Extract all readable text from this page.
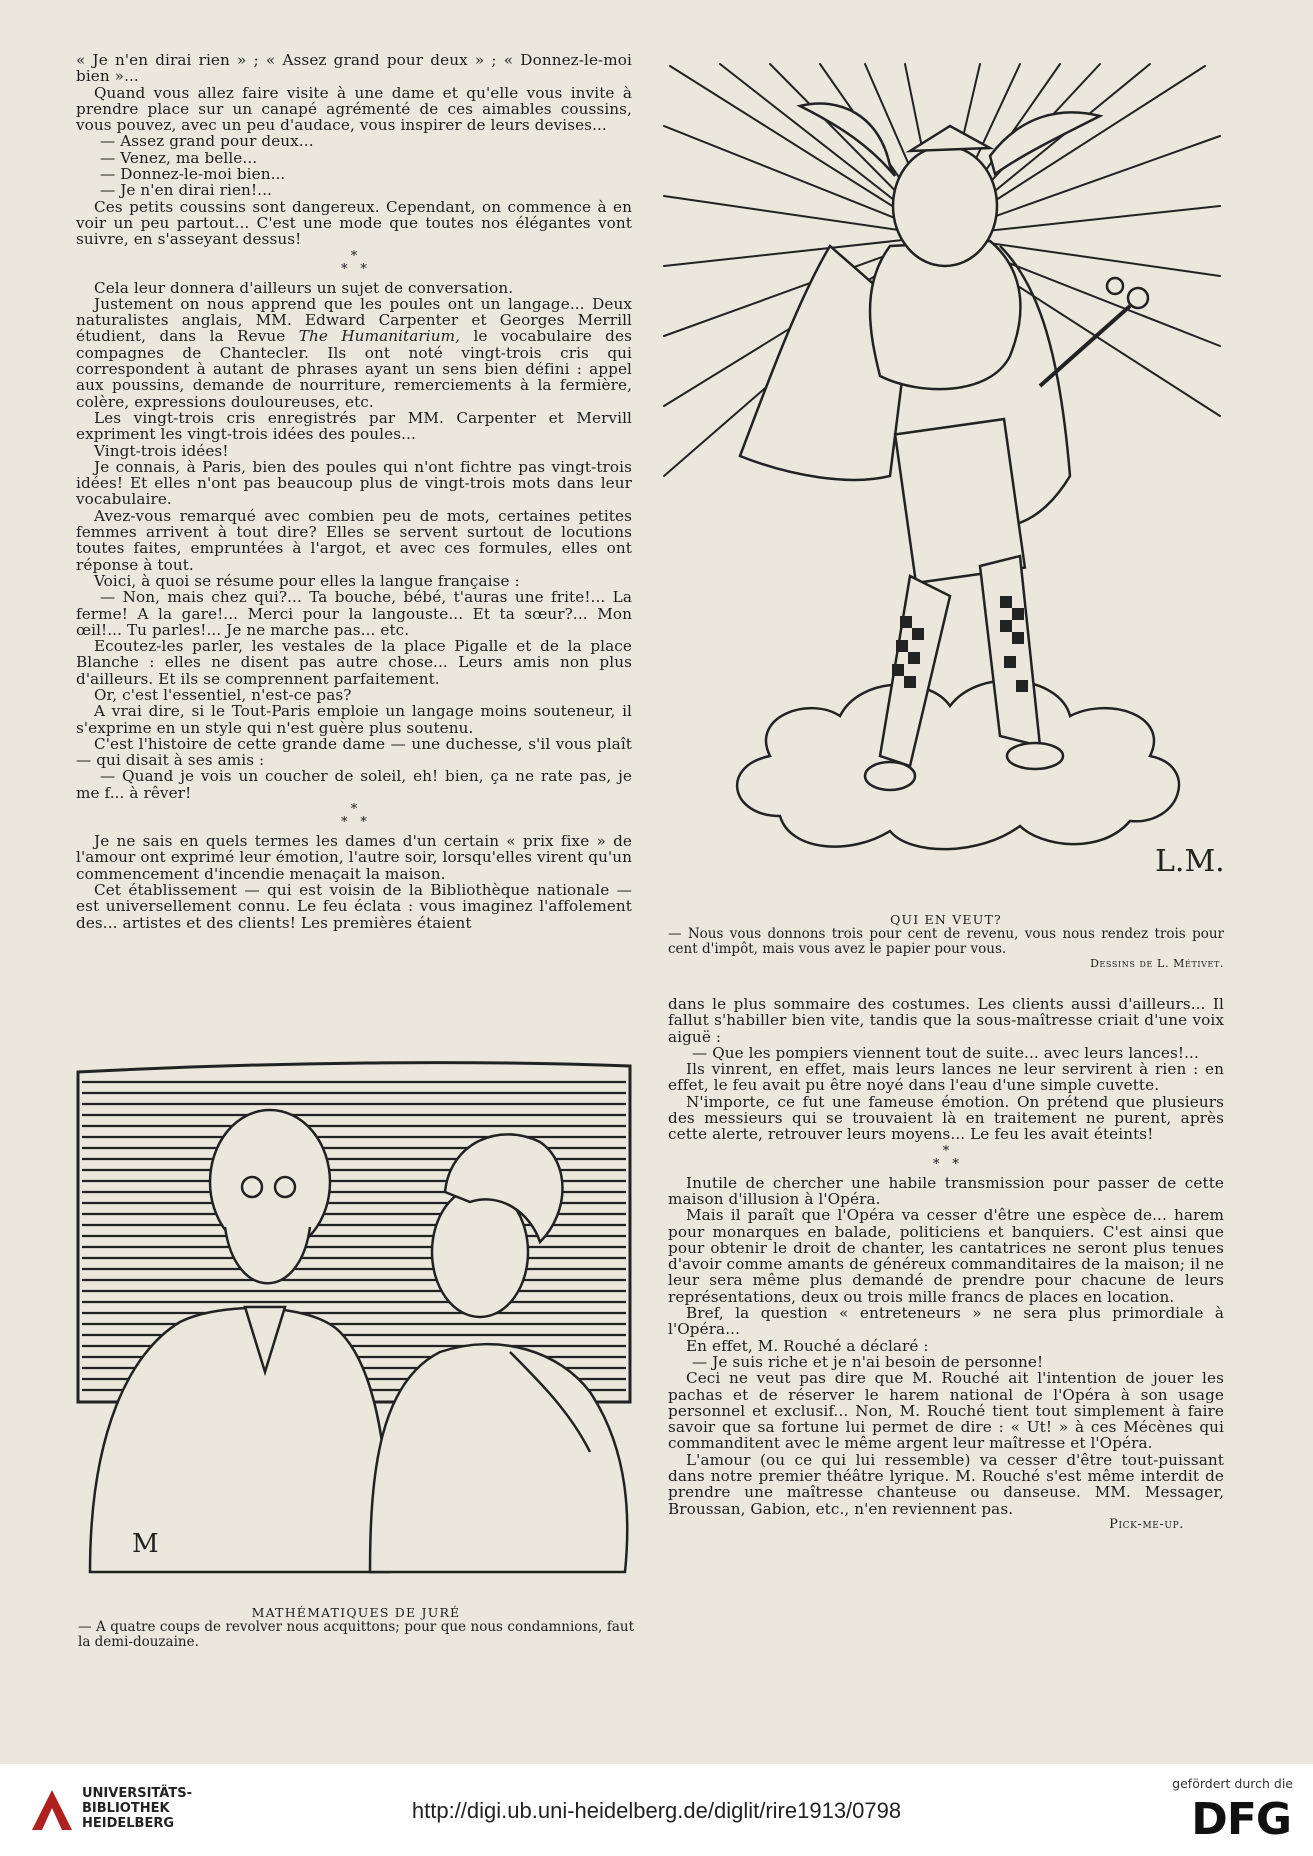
« Je n'en dirai rien » ; « Assez grand pour deux » ; « Donnez-le-moi bien »...

Quand vous allez faire visite à une dame et qu'elle vous invite à prendre place sur un canapé agrémenté de ces aimables coussins, vous pouvez, avec un peu d'audace, vous inspirer de leurs devises...

— Assez grand pour deux...

— Venez, ma belle...

— Donnez-le-moi bien...

— Je n'en dirai rien!...

Ces petits coussins sont dangereux. Cependant, on commence à en voir un peu partout... C'est une mode que toutes nos élégantes vont suivre, en s'asseyant dessus!

*
* *

Cela leur donnera d'ailleurs un sujet de conversation.

Justement on nous apprend que les poules ont un langage... Deux naturalistes anglais, MM. Edward Carpenter et Georges Merrill étudient, dans la Revue The Humanitarium, le vocabulaire des compagnes de Chantecler. Ils ont noté vingt-trois cris qui correspondent à autant de phrases ayant un sens bien défini : appel aux poussins, demande de nourriture, remerciements à la fermière, colère, expressions douloureuses, etc.

Les vingt-trois cris enregistrés par MM. Carpenter et Mervill expriment les vingt-trois idées des poules...

Vingt-trois idées!

Je connais, à Paris, bien des poules qui n'ont fichtre pas vingt-trois idées! Et elles n'ont pas beaucoup plus de vingt-trois mots dans leur vocabulaire.

Avez-vous remarqué avec combien peu de mots, certaines petites femmes arrivent à tout dire? Elles se servent surtout de locutions toutes faites, empruntées à l'argot, et avec ces formules, elles ont réponse à tout.

Voici, à quoi se résume pour elles la langue française :

— Non, mais chez qui?... Ta bouche, bébé, t'auras une frite!... La ferme! A la gare!... Merci pour la langouste... Et ta sœur?... Mon œil!... Tu parles!... Je ne marche pas... etc.

Ecoutez-les parler, les vestales de la place Pigalle et de la place Blanche : elles ne disent pas autre chose... Leurs amis non plus d'ailleurs. Et ils se comprennent parfaitement.

Or, c'est l'essentiel, n'est-ce pas?

A vrai dire, si le Tout-Paris emploie un langage moins souteneur, il s'exprime en un style qui n'est guère plus soutenu.

C'est l'histoire de cette grande dame — une duchesse, s'il vous plaît — qui disait à ses amis :

— Quand je vois un coucher de soleil, eh! bien, ça ne rate pas, je me f... à rêver!

*
* *

Je ne sais en quels termes les dames d'un certain « prix fixe » de l'amour ont exprimé leur émotion, l'autre soir, lorsqu'elles virent qu'un commencement d'incendie menaçait la maison.

Cet établissement — qui est voisin de la Bibliothèque nationale — est universellement connu. Le feu éclata : vous imaginez l'affolement des... artistes et des clients! Les premières étaient

L.M.

QUI EN VEUT?

— Nous vous donnons trois pour cent de revenu, vous nous rendez trois pour cent d'impôt, mais vous avez le papier pour vous.

Dessins de L. Métivet.

dans le plus sommaire des costumes. Les clients aussi d'ailleurs... Il fallut s'habiller bien vite, tandis que la sous-maîtresse criait d'une voix aiguë :

— Que les pompiers viennent tout de suite... avec leurs lances!...

Ils vinrent, en effet, mais leurs lances ne leur servirent à rien : en effet, le feu avait pu être noyé dans l'eau d'une simple cuvette.

N'importe, ce fut une fameuse émotion. On prétend que plusieurs des messieurs qui se trouvaient là en traitement ne purent, après cette alerte, retrouver leurs moyens... Le feu les avait éteints!

*
* *

Inutile de chercher une habile transmission pour passer de cette maison d'illusion à l'Opéra.

Mais il paraît que l'Opéra va cesser d'être une espèce de... harem pour monarques en balade, politiciens et banquiers. C'est ainsi que pour obtenir le droit de chanter, les cantatrices ne seront plus tenues d'avoir comme amants de généreux commanditaires de la maison; il ne leur sera même plus demandé de prendre pour chacune de leurs représentations, deux ou trois mille francs de places en location.

Bref, la question « entreteneurs » ne sera plus primordiale à l'Opéra...

En effet, M. Rouché a déclaré :

— Je suis riche et je n'ai besoin de personne!

Ceci ne veut pas dire que M. Rouché ait l'intention de jouer les pachas et de réserver le harem national de l'Opéra à son usage personnel et exclusif... Non, M. Rouché tient tout simplement à faire savoir que sa fortune lui permet de dire : « Ut! » à ces Mécènes qui commanditent avec le même argent leur maîtresse et l'Opéra.

L'amour (ou ce qui lui ressemble) va cesser d'être tout-puissant dans notre premier théâtre lyrique. M. Rouché s'est même interdit de prendre une maîtresse chanteuse ou danseuse. MM. Messager, Broussan, Gabion, etc., n'en reviennent pas.

Pick-me-up.

M

MATHÉMATIQUES DE JURÉ

— A quatre coups de revolver nous acquittons; pour que nous condamnions, faut la demi-douzaine.

UNIVERSITÄTS-
BIBLIOTHEK
HEIDELBERG
http://digi.ub.uni-heidelberg.de/diglit/rire1913/0798
gefördert durch die
DFG
